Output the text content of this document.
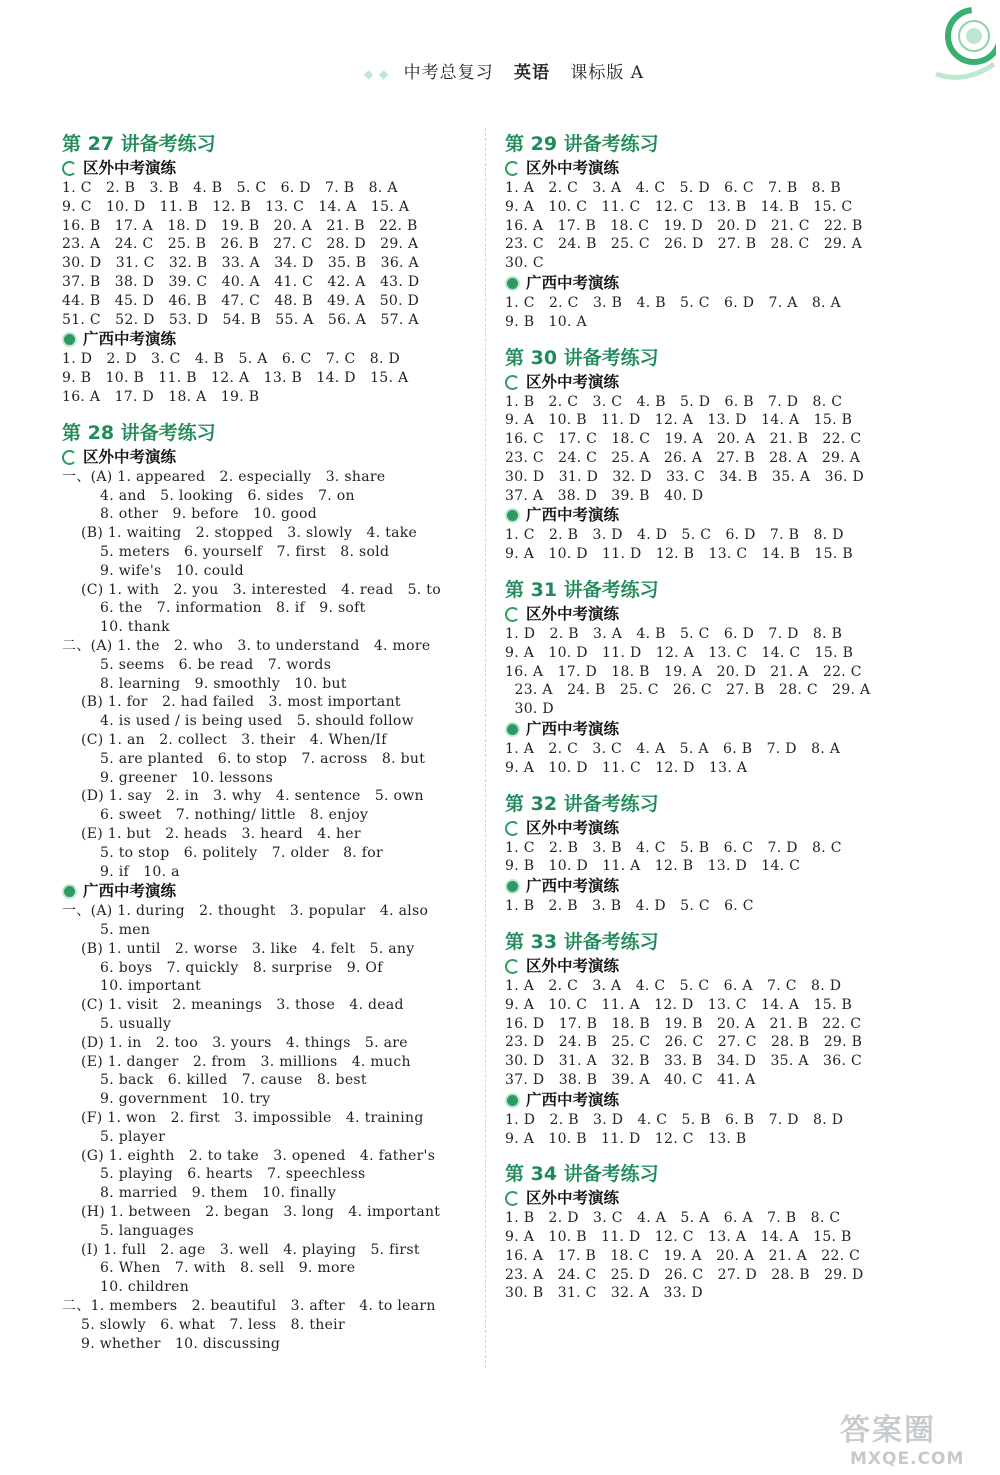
◆ ◆ 中考总复习 英语 课标版 A
第 27 讲备考练习
区外中考演练
1. C   2. B   3. B   4. B   5. C   6. D   7. B   8. A
9. C   10. D   11. B   12. B   13. C   14. A   15. A
16. B   17. A   18. D   19. B   20. A   21. B   22. B
23. A   24. C   25. B   26. B   27. C   28. D   29. A
30. D   31. C   32. B   33. A   34. D   35. B   36. A
37. B   38. D   39. C   40. A   41. C   42. A   43. D
44. B   45. D   46. B   47. C   48. B   49. A   50. D
51. C   52. D   53. D   54. B   55. A   56. A   57. A
广西中考演练
1. D   2. D   3. C   4. B   5. A   6. C   7. C   8. D
9. B   10. B   11. B   12. A   13. B   14. D   15. A
16. A   17. D   18. A   19. B
第 28 讲备考练习
区外中考演练
一、(A) 1. appeared   2. especially   3. share
4. and   5. looking   6. sides   7. on
8. other   9. before   10. good
(B) 1. waiting   2. stopped   3. slowly   4. take
5. meters   6. yourself   7. first   8. sold
9. wife's   10. could
(C) 1. with   2. you   3. interested   4. read   5. to
6. the   7. information   8. if   9. soft
10. thank
二、(A) 1. the   2. who   3. to understand   4. more
5. seems   6. be read   7. words
8. learning   9. smoothly   10. but
(B) 1. for   2. had failed   3. most important
4. is used / is being used   5. should follow
(C) 1. an   2. collect   3. their   4. When/If
5. are planted   6. to stop   7. across   8. but
9. greener   10. lessons
(D) 1. say   2. in   3. why   4. sentence   5. own
6. sweet   7. nothing/ little   8. enjoy
(E) 1. but   2. heads   3. heard   4. her
5. to stop   6. politely   7. older   8. for
9. if   10. a
广西中考演练
一、(A) 1. during   2. thought   3. popular   4. also
5. men
(B) 1. until   2. worse   3. like   4. felt   5. any
6. boys   7. quickly   8. surprise   9. Of
10. important
(C) 1. visit   2. meanings   3. those   4. dead
5. usually
(D) 1. in   2. too   3. yours   4. things   5. are
(E) 1. danger   2. from   3. millions   4. much
5. back   6. killed   7. cause   8. best
9. government   10. try
(F) 1. won   2. first   3. impossible   4. training
5. player
(G) 1. eighth   2. to take   3. opened   4. father's
5. playing   6. hearts   7. speechless
8. married   9. them   10. finally
(H) 1. between   2. began   3. long   4. important
5. languages
(I) 1. full   2. age   3. well   4. playing   5. first
6. When   7. with   8. sell   9. more
10. children
二、1. members   2. beautiful   3. after   4. to learn
5. slowly   6. what   7. less   8. their
9. whether   10. discussing
第 29 讲备考练习
区外中考演练
1. A   2. C   3. A   4. C   5. D   6. C   7. B   8. B
9. A   10. C   11. C   12. C   13. B   14. B   15. C
16. A   17. B   18. C   19. D   20. D   21. C   22. B
23. C   24. B   25. C   26. D   27. B   28. C   29. A
30. C
广西中考演练
1. C   2. C   3. B   4. B   5. C   6. D   7. A   8. A
9. B   10. A
第 30 讲备考练习
区外中考演练
1. B   2. C   3. C   4. B   5. D   6. B   7. D   8. C
9. A   10. B   11. D   12. A   13. D   14. A   15. B
16. C   17. C   18. C   19. A   20. A   21. B   22. C
23. C   24. C   25. A   26. A   27. B   28. A   29. A
30. D   31. D   32. D   33. C   34. B   35. A   36. D
37. A   38. D   39. B   40. D
广西中考演练
1. C   2. B   3. D   4. D   5. C   6. D   7. B   8. D
9. A   10. D   11. D   12. B   13. C   14. B   15. B
第 31 讲备考练习
区外中考演练
1. D   2. B   3. A   4. B   5. C   6. D   7. D   8. B
9. A   10. D   11. D   12. A   13. C   14. C   15. B
16. A   17. D   18. B   19. A   20. D   21. A   22. C
23. A   24. B   25. C   26. C   27. B   28. C   29. A
30. D
广西中考演练
1. A   2. C   3. C   4. A   5. A   6. B   7. D   8. A
9. A   10. D   11. C   12. D   13. A
第 32 讲备考练习
区外中考演练
1. C   2. B   3. B   4. C   5. B   6. C   7. D   8. C
9. B   10. D   11. A   12. B   13. D   14. C
广西中考演练
1. B   2. B   3. B   4. D   5. C   6. C
第 33 讲备考练习
区外中考演练
1. A   2. C   3. A   4. C   5. C   6. A   7. C   8. D
9. A   10. C   11. A   12. D   13. C   14. A   15. B
16. D   17. B   18. B   19. B   20. A   21. B   22. C
23. D   24. B   25. C   26. C   27. C   28. B   29. B
30. D   31. A   32. B   33. B   34. D   35. A   36. C
37. D   38. B   39. A   40. C   41. A
广西中考演练
1. D   2. B   3. D   4. C   5. B   6. B   7. D   8. D
9. A   10. B   11. D   12. C   13. B
第 34 讲备考练习
区外中考演练
1. B   2. D   3. C   4. A   5. A   6. A   7. B   8. C
9. A   10. B   11. D   12. C   13. A   14. A   15. B
16. A   17. B   18. C   19. A   20. A   21. A   22. C
23. A   24. C   25. D   26. C   27. D   28. B   29. D
30. B   31. C   32. A   33. D
答案圈
MXQE.COM
